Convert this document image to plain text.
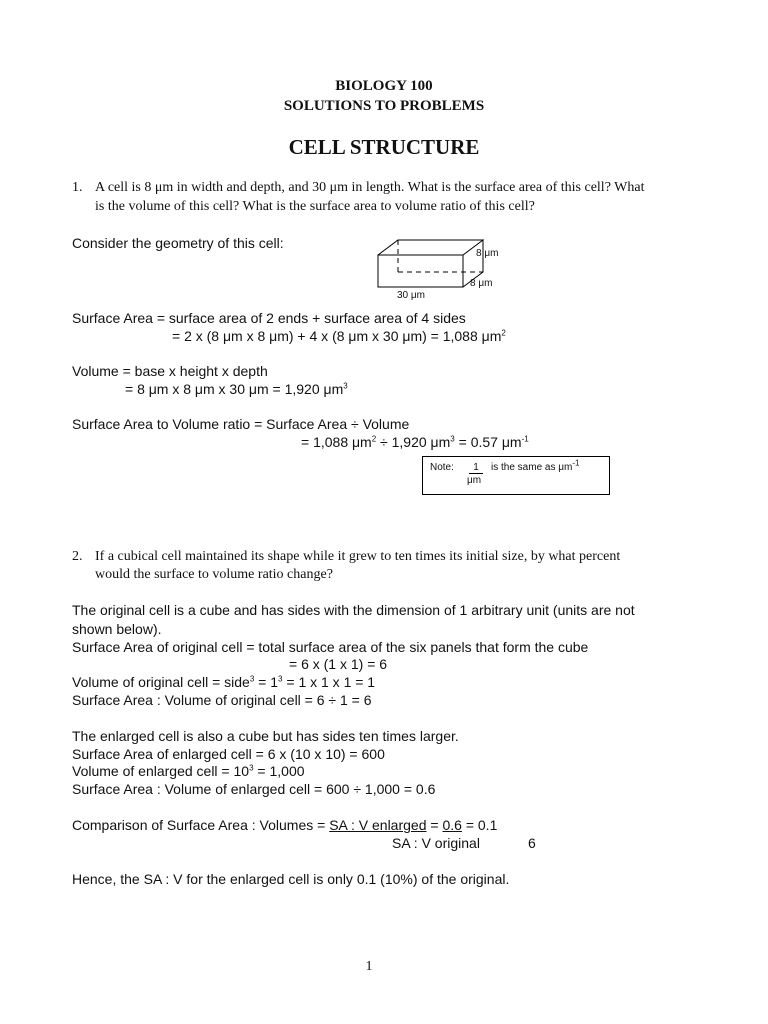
BIOLOGY 100
SOLUTIONS TO PROBLEMS
CELL STRUCTURE
1. A cell is 8 μm in width and depth, and 30 μm in length. What is the surface area of this cell? What
is the volume of this cell? What is the surface area to volume ratio of this cell?
Consider the geometry of this cell:
8 μm
8 μm
30 μm
Surface Area = surface area of 2 ends + surface area of 4 sides
= 2 x (8 μm x 8 μm) + 4 x (8 μm x 30 μm) = 1,088 $\mu m^2$
Volume = base x height x depth
= 8 μm x 8 μm x 30 μm = 1,920 $\mu m^3$
Surface Area to Volume ratio = Surface Area ÷ Volume
= 1,088 $\mu m^2 \div 1,920$ $\mu m^3 = 0.57$ $\mu m^{-1}$
Note:	1
μm
is the same as $\mu m^{-1}$
2. If a cubical cell maintained its shape while it grew to ten times its initial size, by what percent
would the surface to volume ratio change?
The original cell is a cube and has sides with the dimension of 1 arbitrary unit (units are not
shown below).
Surface Area of original cell = total surface area of the six panels that form the cube
= 6 x (1 x 1) = 6
Volume of original cell = side$^3$ = $1^3 = 1$ x 1 x 1 = 1
Surface Area : Volume of original cell = 6 ÷ 1 = 6
The enlarged cell is also a cube but has sides ten times larger.
Surface Area of enlarged cell = 6 x (10 x 10) = 600
Volume of enlarged cell = $10^3 = 1,000$
Surface Area : Volume of enlarged cell = 600 ÷ 1,000 = 0.6
Comparison of Surface Area : Volumes = SA : V enlarged = 0.6 = 0.1
SA : V original	6
Hence, the SA : V for the enlarged cell is only 0.1 (10%) of the original.
1
